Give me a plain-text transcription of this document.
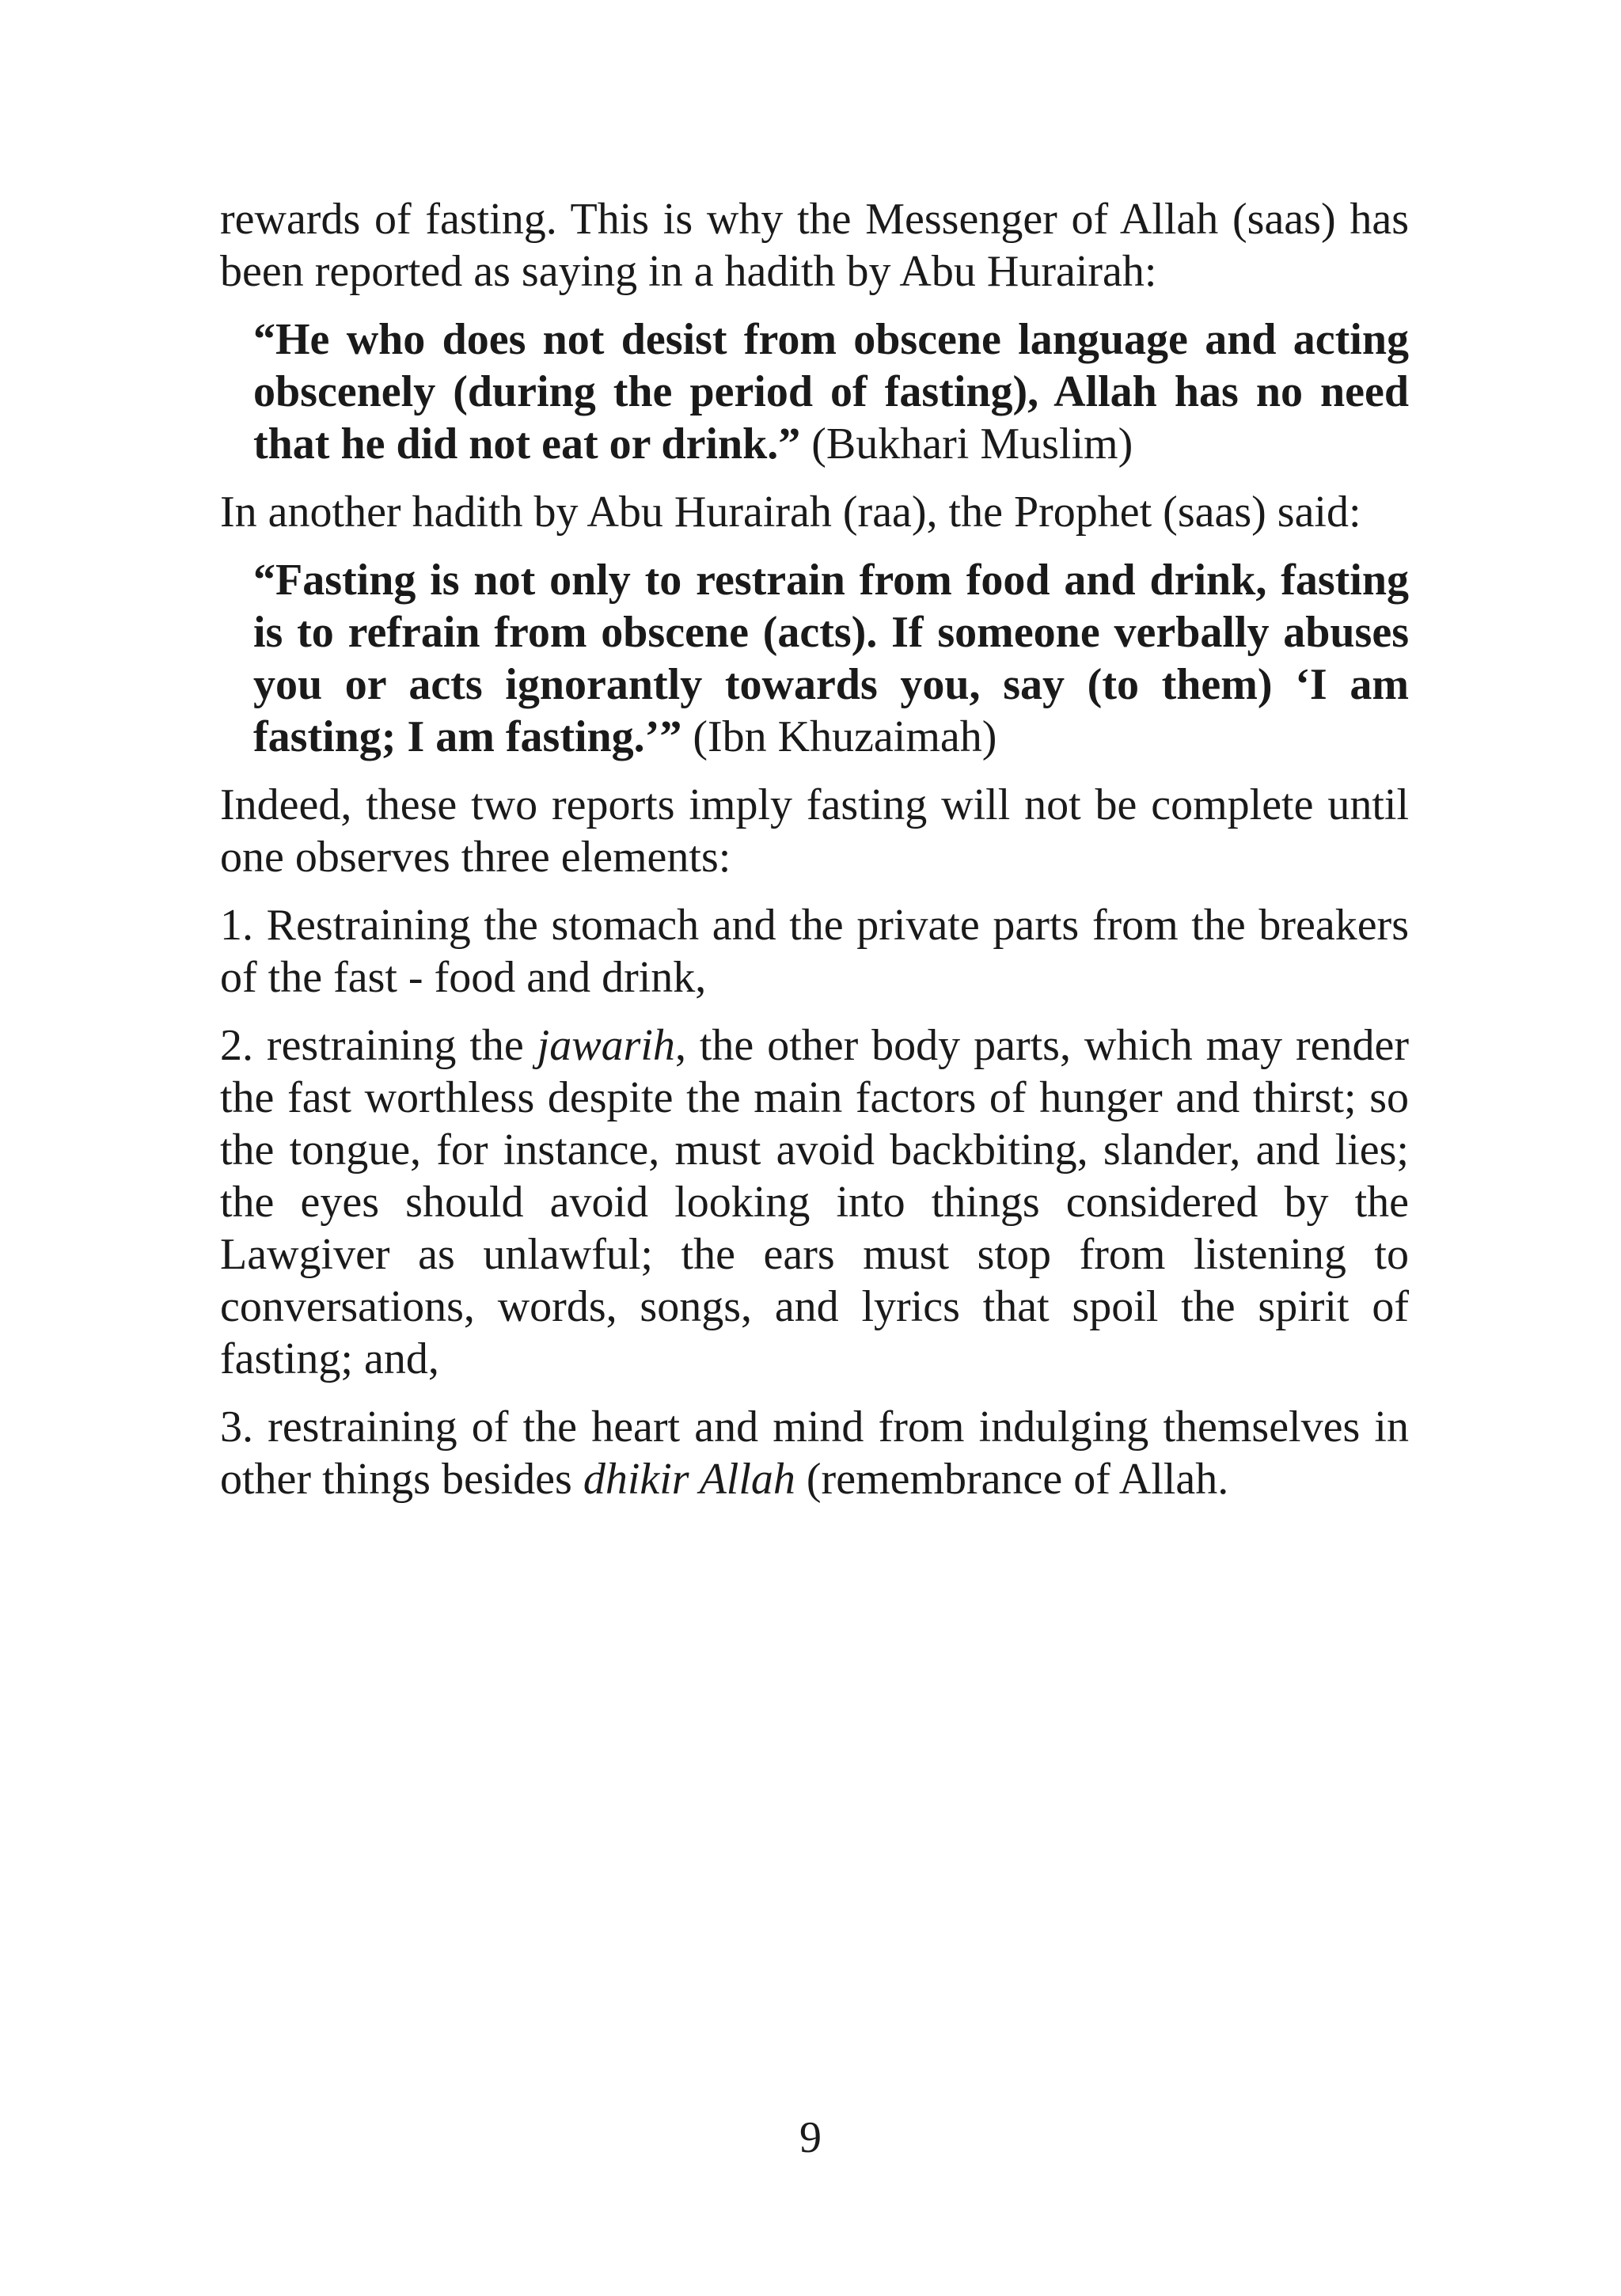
rewards of fasting. This is why the Messenger of Allah (saas) has been reported as saying in a hadith by Abu Hurairah:

“He who does not desist from obscene language and acting obscenely (during the period of fasting), Allah has no need that he did not eat or drink.” (Bukhari Muslim)

In another hadith by Abu Hurairah (raa), the Prophet (saas) said:

“Fasting is not only to restrain from food and drink, fasting is to refrain from obscene (acts). If someone verbally abuses you or acts ignorantly towards you, say (to them) ‘I am fasting; I am fasting.’” (Ibn Khuzaimah)

Indeed, these two reports imply fasting will not be complete until one observes three elements:

1. Restraining the stomach and the private parts from the breakers of the fast - food and drink,

2. restraining the jawarih, the other body parts, which may render the fast worthless despite the main factors of hunger and thirst; so the tongue, for instance, must avoid backbiting, slander, and lies; the eyes should avoid looking into things considered by the Lawgiver as unlawful; the ears must stop from listening to conversations, words, songs, and lyrics that spoil the spirit of fasting; and,

3. restraining of the heart and mind from indulging themselves in other things besides dhikir Allah (remembrance of Allah.

9
